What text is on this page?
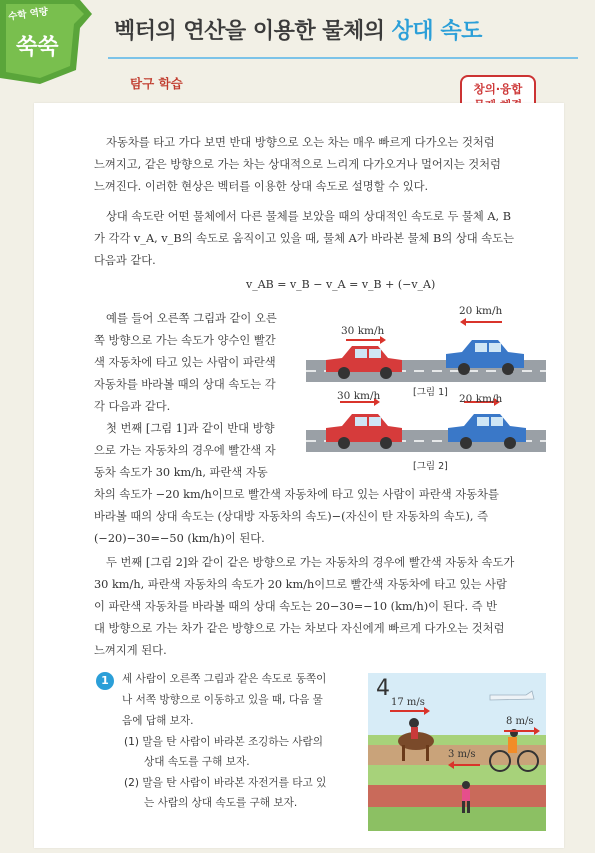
수학 역량
쑥쑥
벡터의 연산을 이용한 물체의 상대 속도
탐구 학습	창의·융합

자동차를 타고 가다 보면 반대 방향으로 오는 차는 매우 빠르게 다가오는 것처럼

느껴지고, 같은 방향으로 가는 차는 상대적으로 느리게 다가오거나 멀어지는 것처럼

느껴진다. 이러한 현상은 벡터를 이용한 상대 속도로 설명할 수 있다.

상대 속도란 어떤 물체에서 다른 물체를 보았을 때의 상대적인 속도로 두 물체 A, B

가 각각 v_A, v_B의 속도로 움직이고 있을 때, 물체 A가 바라본 물체 B의 상대 속도는

다음과 같다.

v_AB = v_B − v_A = v_B + (−v_A)

예를 들어 오른쪽 그림과 같이 오른

쪽 방향으로 가는 속도가 양수인 빨간

색 자동차에 타고 있는 사람이 파란색

자동차를 바라볼 때의 상대 속도는 각

각 다음과 같다.

첫 번째 [그림 1]과 같이 반대 방향

으로 가는 자동차의 경우에 빨간색 자

동차 속도가 30 km/h, 파란색 자동

차의 속도가 −20 km/h이므로 빨간색 자동차에 타고 있는 사람이 파란색 자동차를

바라볼 때의 상대 속도는 (상대방 자동차의 속도)−(자신이 탄 자동차의 속도), 즉

(−20)−30=−50 (km/h)이 된다.

두 번째 [그림 2]와 같이 같은 방향으로 가는 자동차의 경우에 빨간색 자동차 속도가

30 km/h, 파란색 자동차의 속도가 20 km/h이므로 빨간색 자동차에 타고 있는 사람

이 파란색 자동차를 바라볼 때의 상대 속도는 20−30=−10 (km/h)이 된다. 즉 반

대 방향으로 가는 차가 같은 방향으로 가는 차보다 자신에게 빠르게 다가오는 것처럼

느껴지게 된다.

30 km/h
20 km/h
[그림 1]
30 km/h	20 km/h
[그림 2]
1	세 사람이 오른쪽 그림과 같은 속도로 동쪽이

나 서쪽 방향으로 이동하고 있을 때, 다음 물

음에 답해 보자.

(1) 말을 탄 사람이 바라본 조깅하는 사람의

상대 속도를 구해 보자.

(2) 말을 탄 사람이 바라본 자전거를 타고 있

는 사람의 상대 속도를 구해 보자.

4
17 m/s
8 m/s
3 m/s
